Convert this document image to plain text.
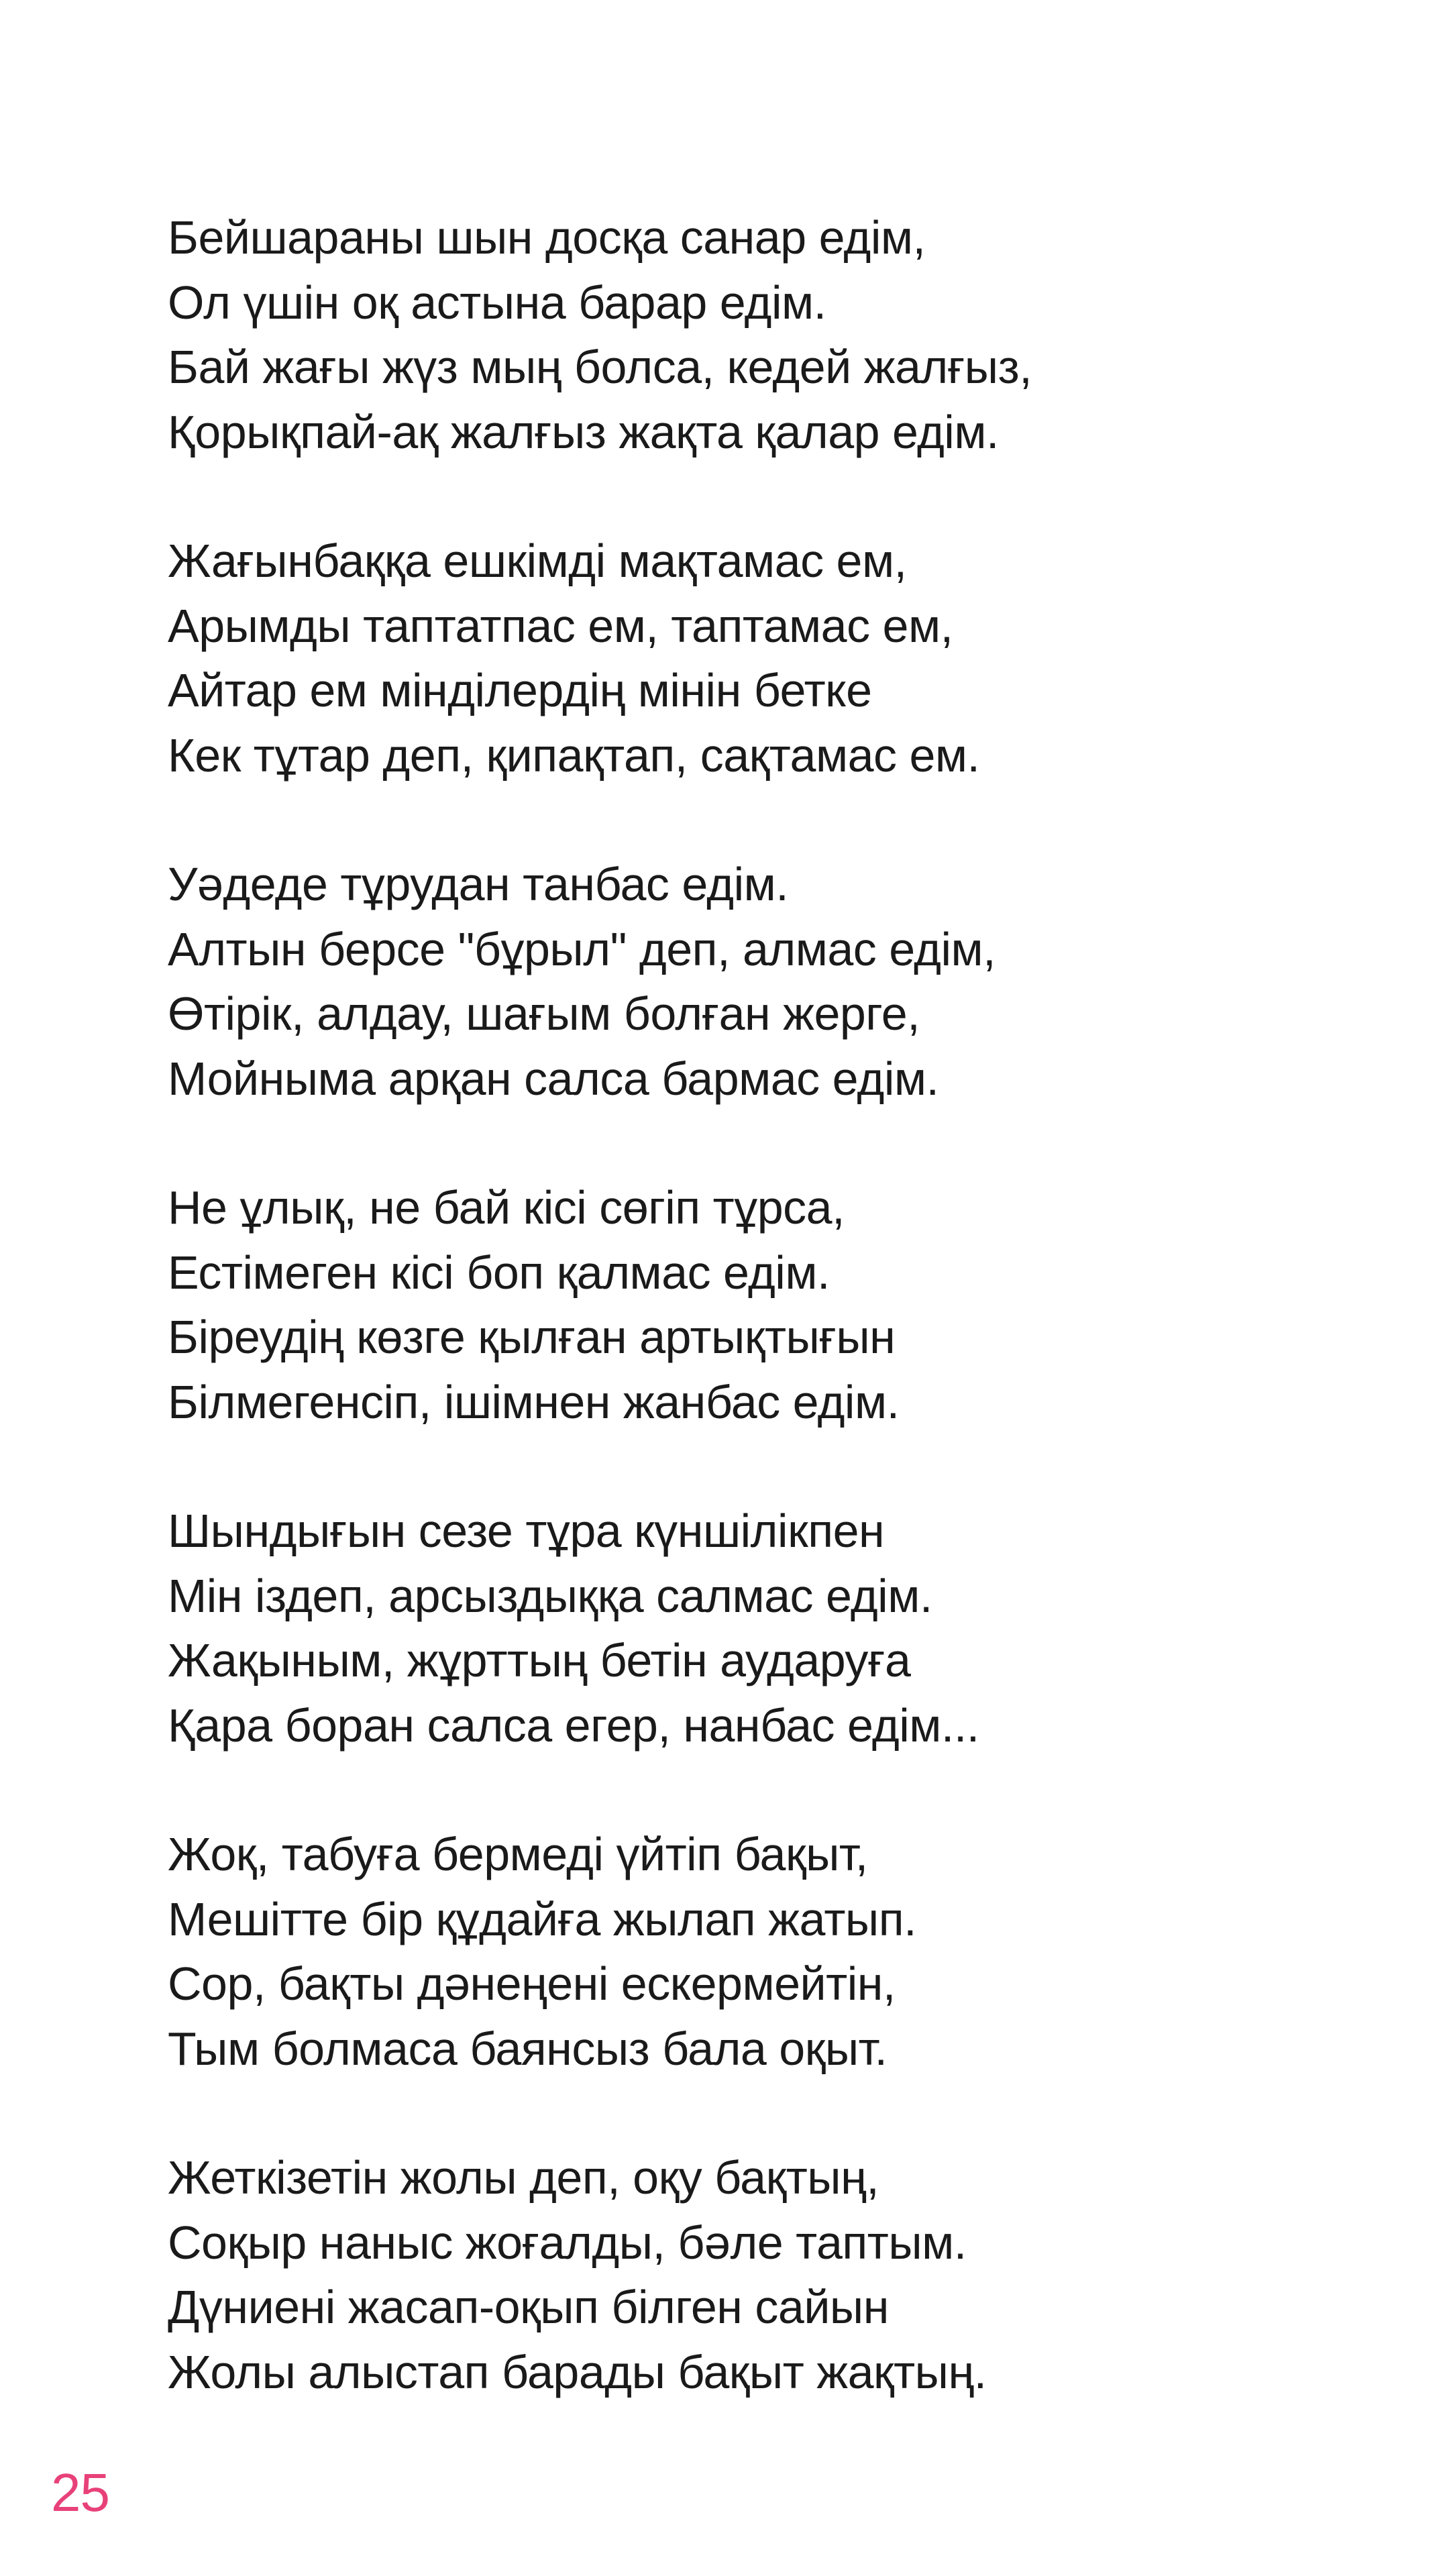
Бейшараны шын досқа санар едім,
Ол үшін оқ астына барар едім.
Бай жағы жүз мың болса, кедей жалғыз,
Қорықпай-ақ жалғыз жақта қалар едім.
Жағынбаққа ешкімді мақтамас ем,
Арымды таптатпас ем, таптамас ем,
Айтар ем міндiлердің мінін бетке
Кек тұтар деп, қипақтап, сақтамас ем.
Уәдеде тұрудан танбас едім.
Алтын берсе "бұрыл" деп, алмас едім,
Өтірік, алдау, шағым болған жерге,
Мойныма арқан салса бармас едім.
Не ұлық, не бай кісі сөгіп тұрса,
Естімеген кісі боп қалмас едім.
Біреудің көзге қылған артықтығын
Білмегенсіп, ішімнен жанбас едім.
Шындығын сезе тұра күншілікпен
Мін іздеп, арсыздыққа салмас едім.
Жақыным, жұрттың бетін аударуға
Қара боран салса егер, нанбас едім...
Жоқ, табуға бермеді үйтіп бақыт,
Мешітте бір құдайға жылап жатып.
Сор, бақты дәнеңені ескермейтін,
Тым болмаса баянсыз бала оқыт.
Жеткізетін жолы деп, оқу бақтың,
Соқыр наныс жоғалды, бәле таптым.
Дүниені жасап-оқып білген сайын
Жолы алыстап барады бақыт жақтың.
25
